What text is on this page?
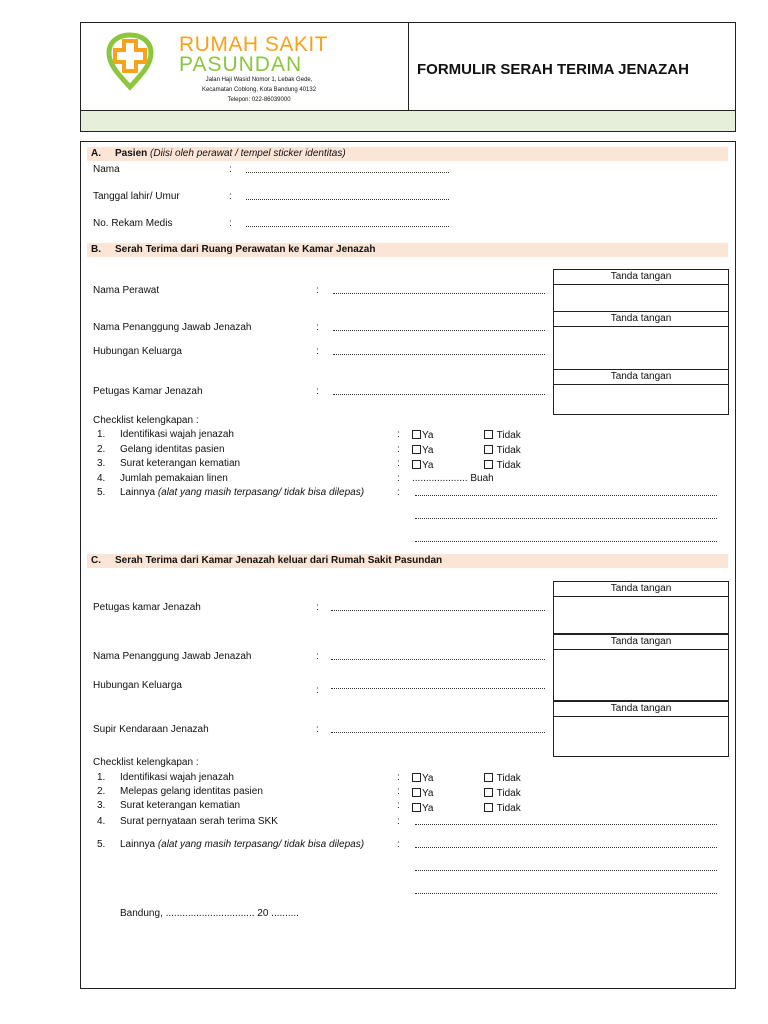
RUMAH SAKIT
PASUNDAN
Jalan Haji Wasid Nomor 1, Lebak Gede,
Kecamatan Coblong, Kota Bandung 40132
Telepon: 022-86039000
FORMULIR SERAH TERIMA JENAZAH
A. Pasien (Diisi oleh perawat / tempel sticker identitas)
Nama	:
Tanggal lahir/ Umur	:
No. Rekam Medis	:
B. Serah Terima dari Ruang Perawatan ke Kamar Jenazah
Tanda tangan
Tanda tangan
Tanda tangan
Nama Perawat	:
Nama Penanggung Jawab Jenazah	:
Hubungan Keluarga	:
Petugas Kamar Jenazah	:
Checklist kelengkapan :
1. Identifikasi wajah jenazah	:	Ya	Tidak
2. Gelang identitas pasien	:	Ya	Tidak
3. Surat keterangan kematian	:	Ya	Tidak
4. Jumlah pemakaian linen	: .................... Buah
5. Lainnya (alat yang masih terpasang/ tidak bisa dilepas)	:
C. Serah Terima dari Kamar Jenazah keluar dari Rumah Sakit Pasundan
Tanda tangan
Tanda tangan
Tanda tangan
Petugas kamar Jenazah	:
Nama Penanggung Jawab Jenazah	:
Hubungan Keluarga	:
Supir Kendaraan Jenazah	:
Checklist kelengkapan :
1. Identifikasi wajah jenazah	:	Ya	Tidak
2. Melepas gelang identitas pasien	:	Ya	Tidak
3. Surat keterangan kematian	:	Ya	Tidak
4. Surat pernyataan serah terima SKK	:
5. Lainnya (alat yang masih terpasang/ tidak bisa dilepas)	:
Bandung, ................................ 20 ..........
